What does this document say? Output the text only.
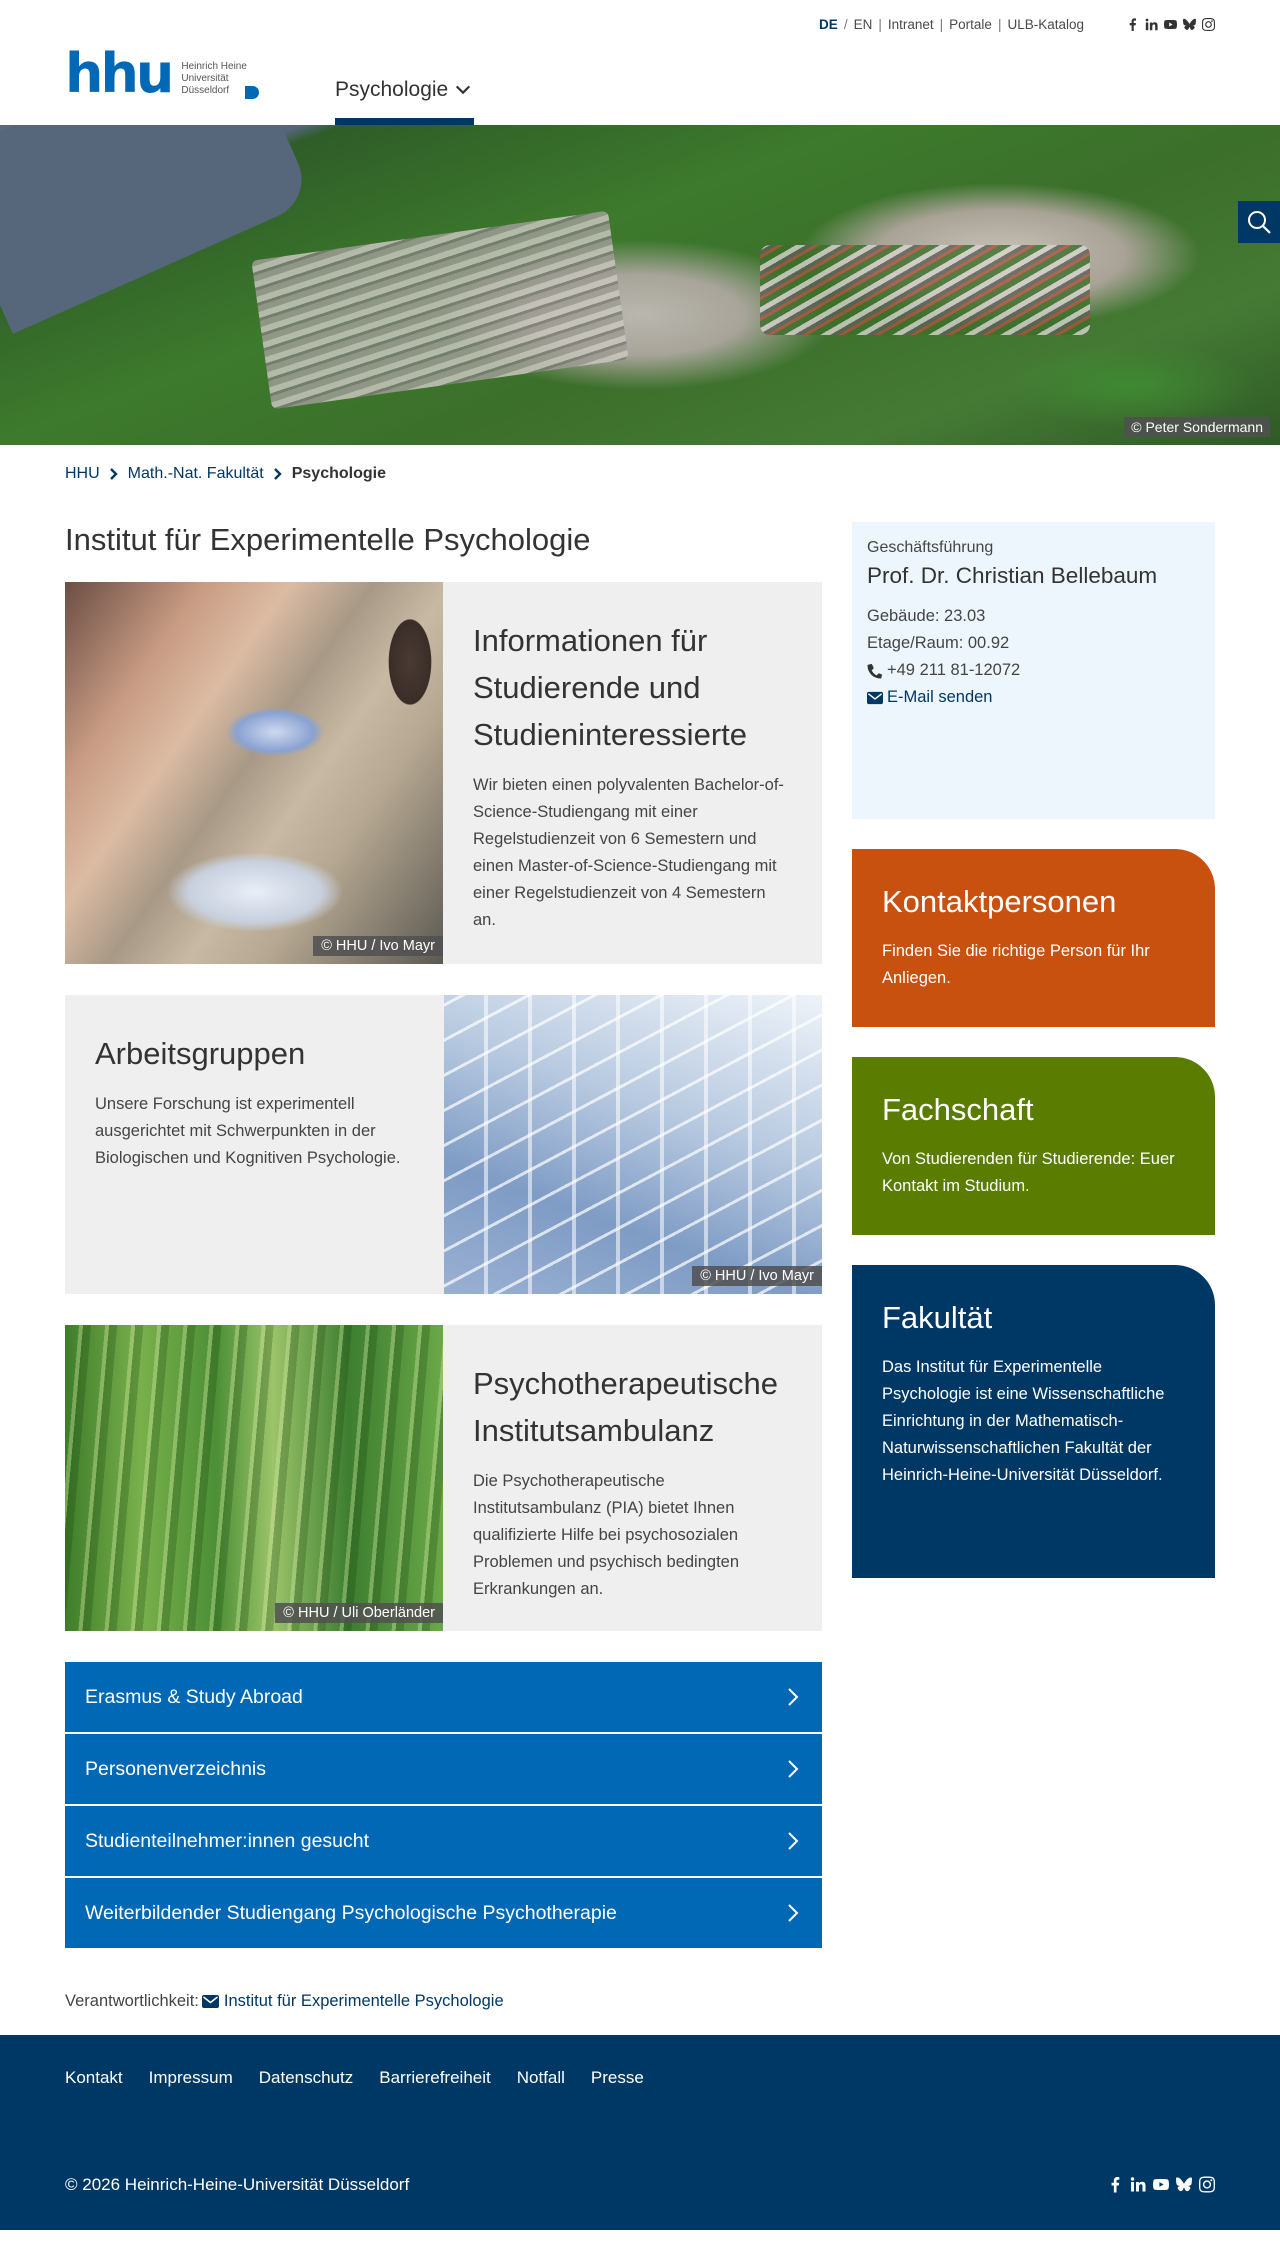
DE / EN | Intranet | Portale | ULB-Katalog
hhu Heinrich Heine
Universität
Düsseldorf	Psychologie
© Peter Sondermann
HHU Math.-Nat. Fakultät Psychologie
Institut für Experimentelle Psychologie
© HHU / Ivo Mayr
Informationen für Studierende und Studieninteressierte

Wir bieten einen polyvalenten Bachelor-of-Science-Studiengang mit einer Regelstudienzeit von 6 Semestern und einen Master-of-Science-Studiengang mit einer Regelstudienzeit von 4 Semestern an.

Arbeitsgruppen

Unsere Forschung ist experimentell ausgerichtet mit Schwerpunkten in der Biologischen und Kognitiven Psychologie.

© HHU / Ivo Mayr
© HHU / Uli Oberländer
Psychotherapeutische Institutsambulanz

Die Psychotherapeutische Institutsambulanz (PIA) bietet Ihnen qualifizierte Hilfe bei psychosozialen Problemen und psychisch bedingten Erkrankungen an.

Erasmus & Study Abroad
Personenverzeichnis
Studienteilnehmer:innen gesucht
Weiterbildender Studiengang Psychologische Psychotherapie
Verantwortlichkeit: Institut für Experimentelle Psychologie
Geschäftsführung
Prof. Dr. Christian Bellebaum
Gebäude: 23.03
Etage/Raum: 00.92
+49 211 81-12072
E-Mail senden
Kontaktpersonen

Finden Sie die richtige Person für Ihr Anliegen.

Fachschaft

Von Studierenden für Studierende: Euer Kontakt im Studium.

Fakultät

Das Institut für Experimentelle Psychologie ist eine Wissenschaftliche Einrichtung in der Mathematisch-Naturwissenschaftlichen Fakultät der Heinrich-Heine-Universität Düsseldorf.

Kontakt Impressum Datenschutz Barrierefreiheit Notfall Presse
© 2026 Heinrich-Heine-Universität Düsseldorf
